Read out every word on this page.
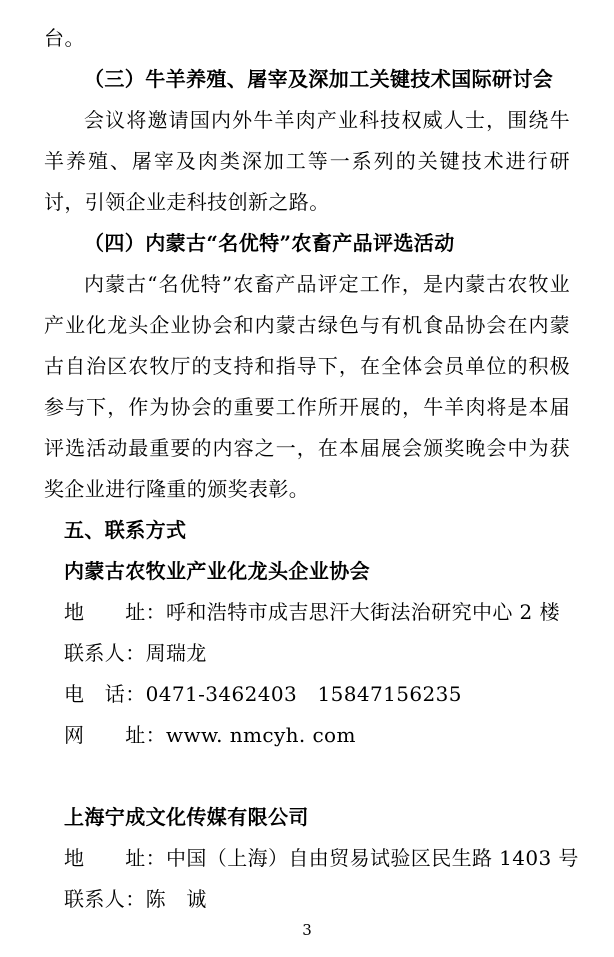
台。
（三）牛羊养殖、屠宰及深加工关键技术国际研讨会

会议将邀请国内外牛羊肉产业科技权威人士，围绕牛羊养殖、屠宰及肉类深加工等一系列的关键技术进行研讨，引领企业走科技创新之路。

（四）内蒙古“名优特”农畜产品评选活动

内蒙古“名优特”农畜产品评定工作，是内蒙古农牧业产业化龙头企业协会和内蒙古绿色与有机食品协会在内蒙古自治区农牧厅的支持和指导下，在全体会员单位的积极参与下，作为协会的重要工作所开展的，牛羊肉将是本届评选活动最重要的内容之一，在本届展会颁奖晚会中为获奖企业进行隆重的颁奖表彰。

五、联系方式
内蒙古农牧业产业化龙头企业协会

地　　址：呼和浩特市成吉思汗大街法治研究中心 2 楼

联系人：周瑞龙

电　话：0471-3462403　15847156235

网　　址：www. nmcyh. com

上海宁成文化传媒有限公司

地　　址：中国（上海）自由贸易试验区民生路 1403 号

联系人：陈　诚

3
